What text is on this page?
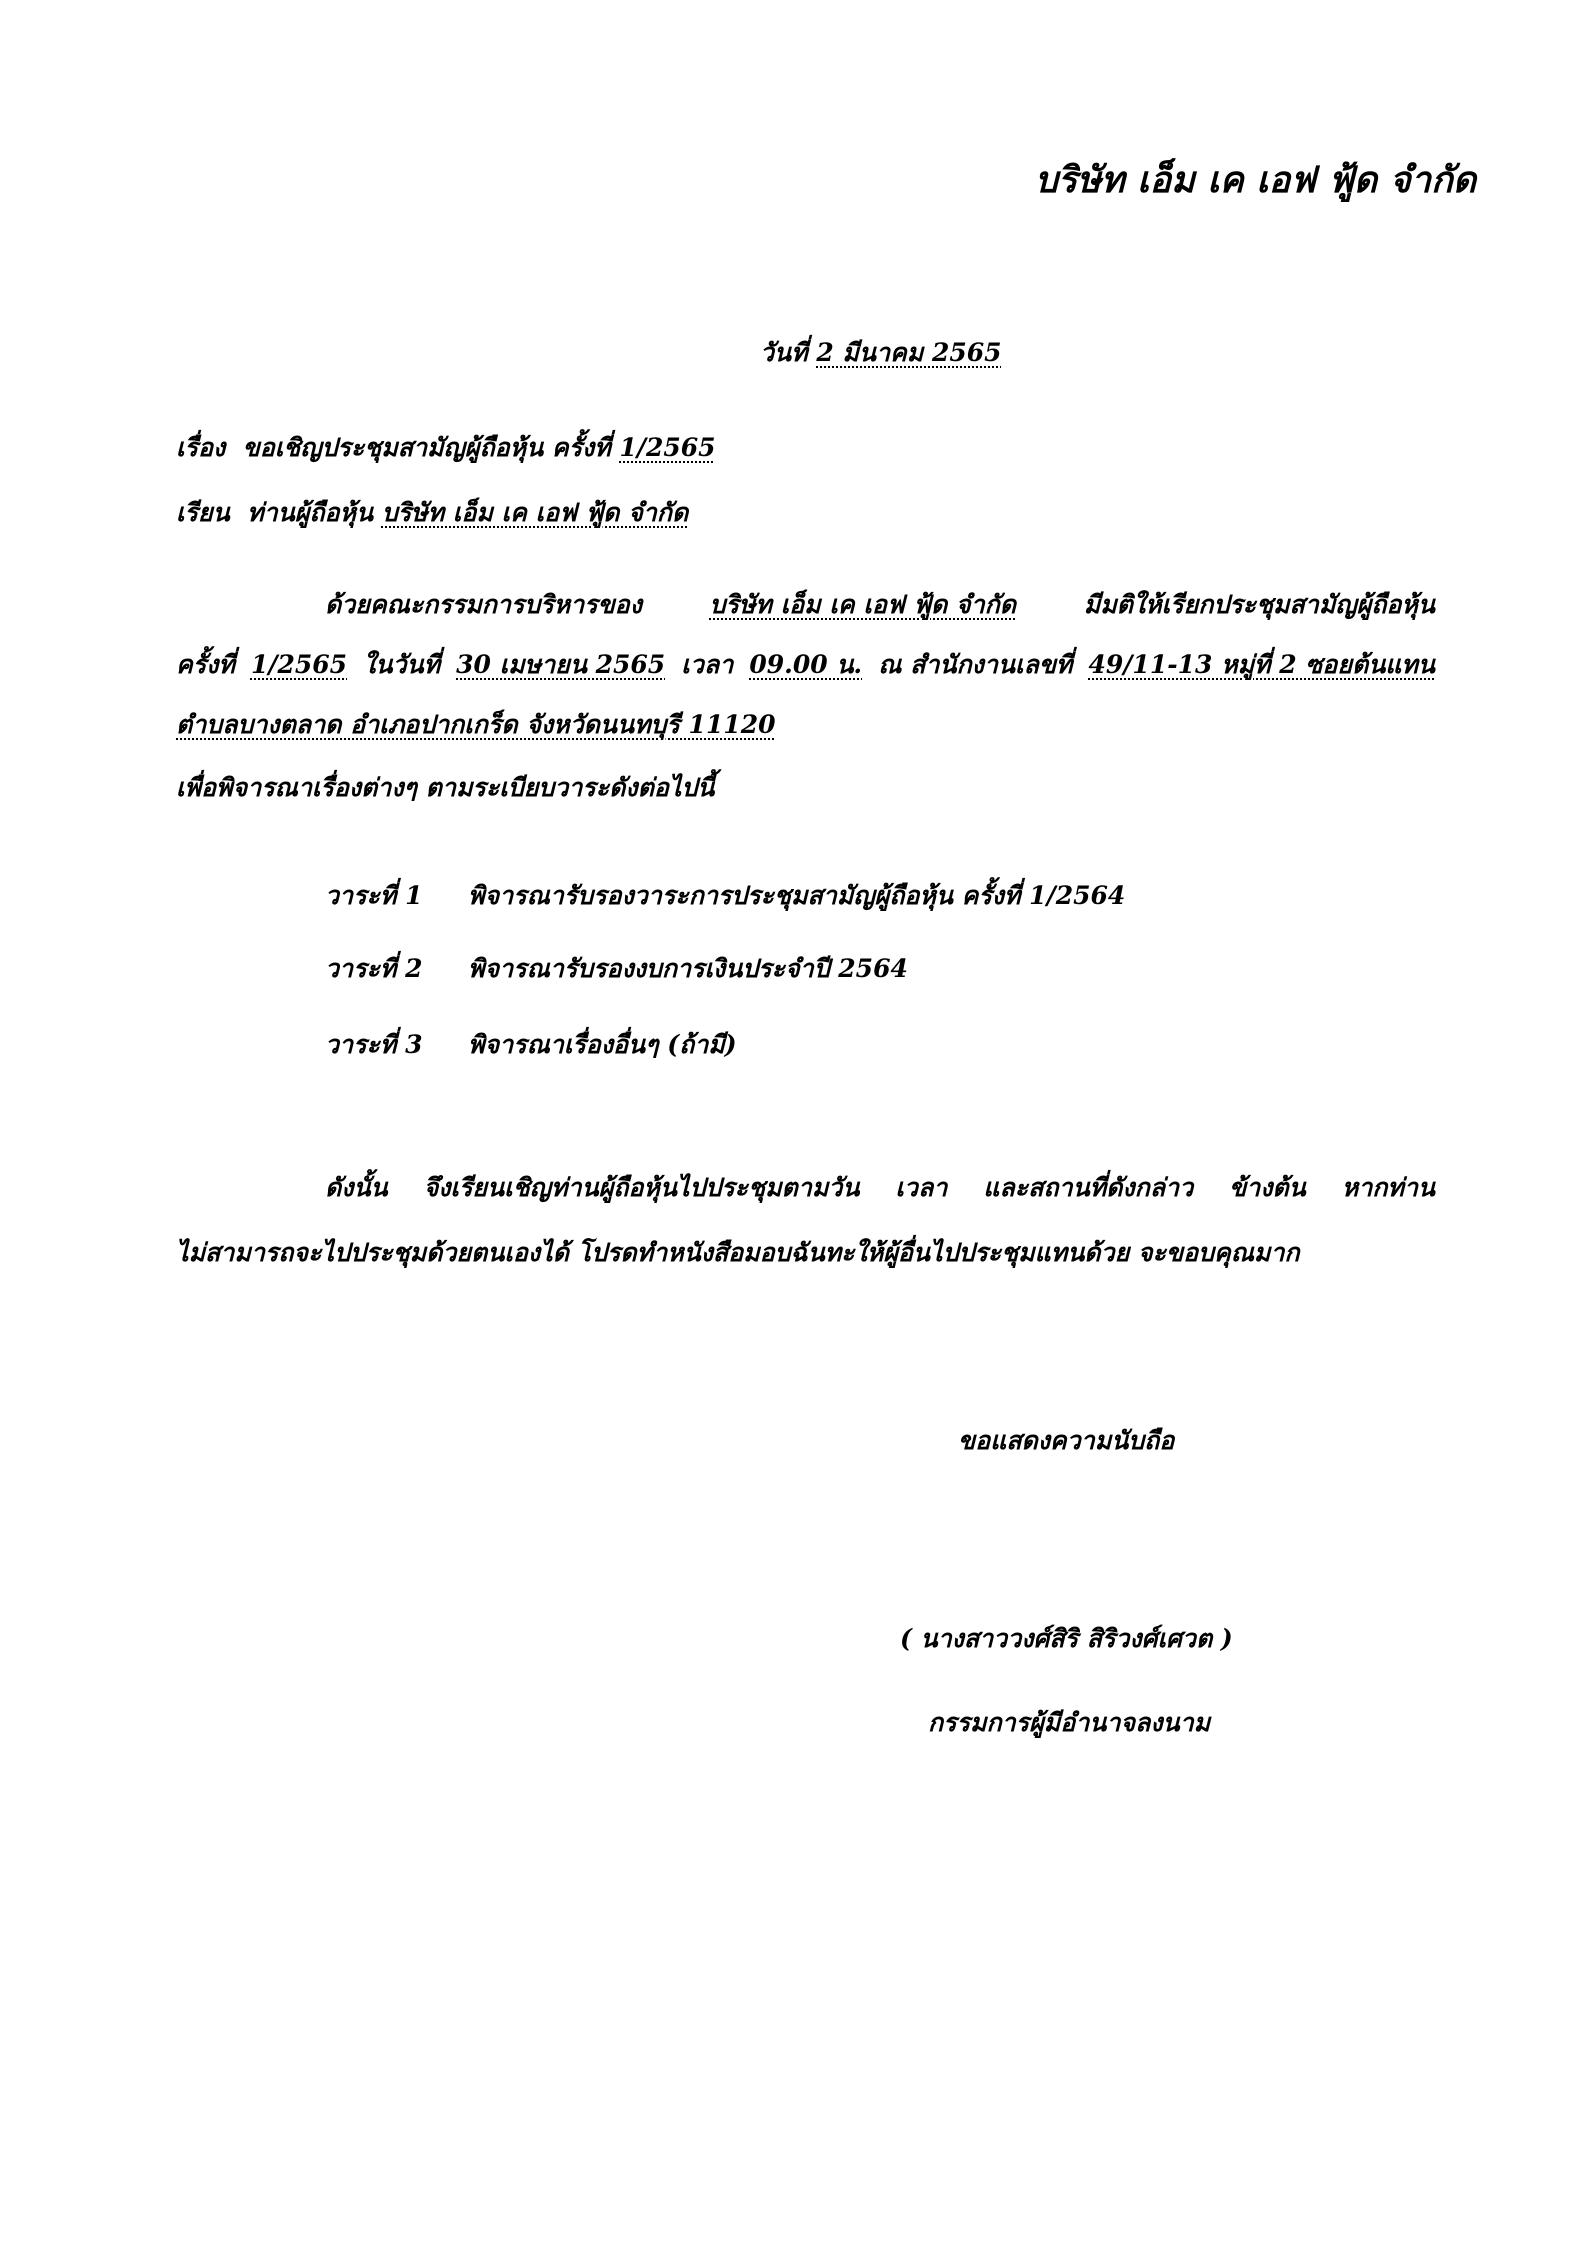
บริษัท เอ็ม เค เอฟ ฟู้ด จำกัด
วันที่ 2 มีนาคม 2565
เรื่อง ขอเชิญประชุมสามัญผู้ถือหุ้น ครั้งที่ 1/2565
เรียน ท่านผู้ถือหุ้น บริษัท เอ็ม เค เอฟ ฟู้ด จำกัด
ด้วยคณะกรรมการบริหารของ	บริษัท เอ็ม เค เอฟ ฟู้ด จำกัด	มีมติให้เรียกประชุมสามัญผู้ถือหุ้น
ครั้งที่ 1/2565 ในวันที่ 30 เมษายน 2565 เวลา 09.00 น. ณ สำนักงานเลขที่ 49/11-13 หมู่ที่ 2 ซอยต้นแทน
ตำบลบางตลาด อำเภอปากเกร็ด จังหวัดนนทบุรี 11120
เพื่อพิจารณาเรื่องต่างๆ ตามระเบียบวาระดังต่อไปนี้
วาระที่ 1 พิจารณารับรองวาระการประชุมสามัญผู้ถือหุ้น ครั้งที่ 1/2564
วาระที่ 2 พิจารณารับรองงบการเงินประจำปี 2564
วาระที่ 3 พิจารณาเรื่องอื่นๆ (ถ้ามี)
ดังนั้น จึงเรียนเชิญท่านผู้ถือหุ้นไปประชุมตามวัน เวลา และสถานที่ดังกล่าว ข้างต้น หากท่าน
ไม่สามารถจะไปประชุมด้วยตนเองได้ โปรดทำหนังสือมอบฉันทะให้ผู้อื่นไปประชุมแทนด้วย จะขอบคุณมาก
ขอแสดงความนับถือ
( นางสาววงศ์สิริ สิริวงศ์เศวต )
กรรมการผู้มีอำนาจลงนาม
